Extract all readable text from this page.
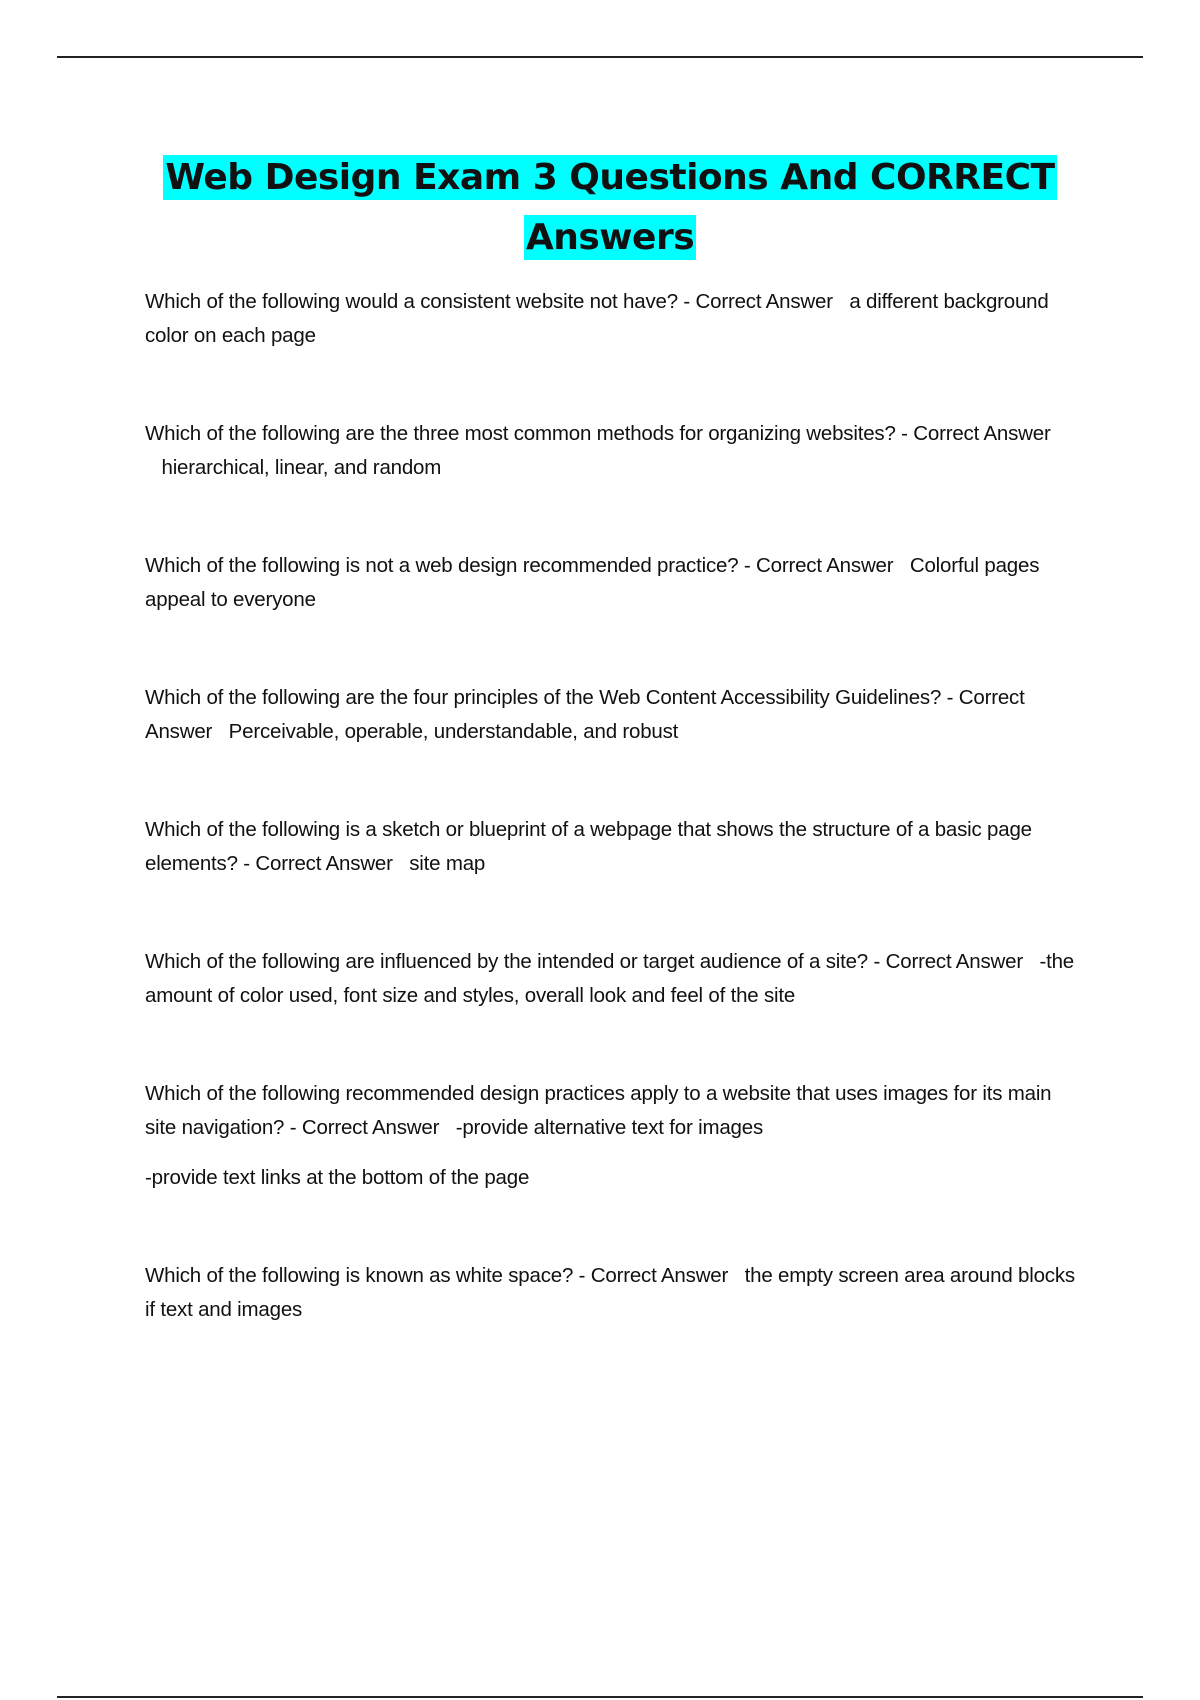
Web Design Exam 3 Questions And CORRECT Answers

Which of the following would a consistent website not have? - Correct Answer a different background color on each page

Which of the following are the three most common methods for organizing websites? - Correct Answer   hierarchical, linear, and random

Which of the following is not a web design recommended practice? - Correct Answer Colorful pages appeal to everyone

Which of the following are the four principles of the Web Content Accessibility Guidelines? - Correct Answer Perceivable, operable, understandable, and robust

Which of the following is a sketch or blueprint of a webpage that shows the structure of a basic page elements? - Correct Answer site map

Which of the following are influenced by the intended or target audience of a site? - Correct Answer -the amount of color used, font size and styles, overall look and feel of the site

Which of the following recommended design practices apply to a website that uses images for its main site navigation? - Correct Answer -provide alternative text for images

-provide text links at the bottom of the page

Which of the following is known as white space? - Correct Answer the empty screen area around blocks if text and images
